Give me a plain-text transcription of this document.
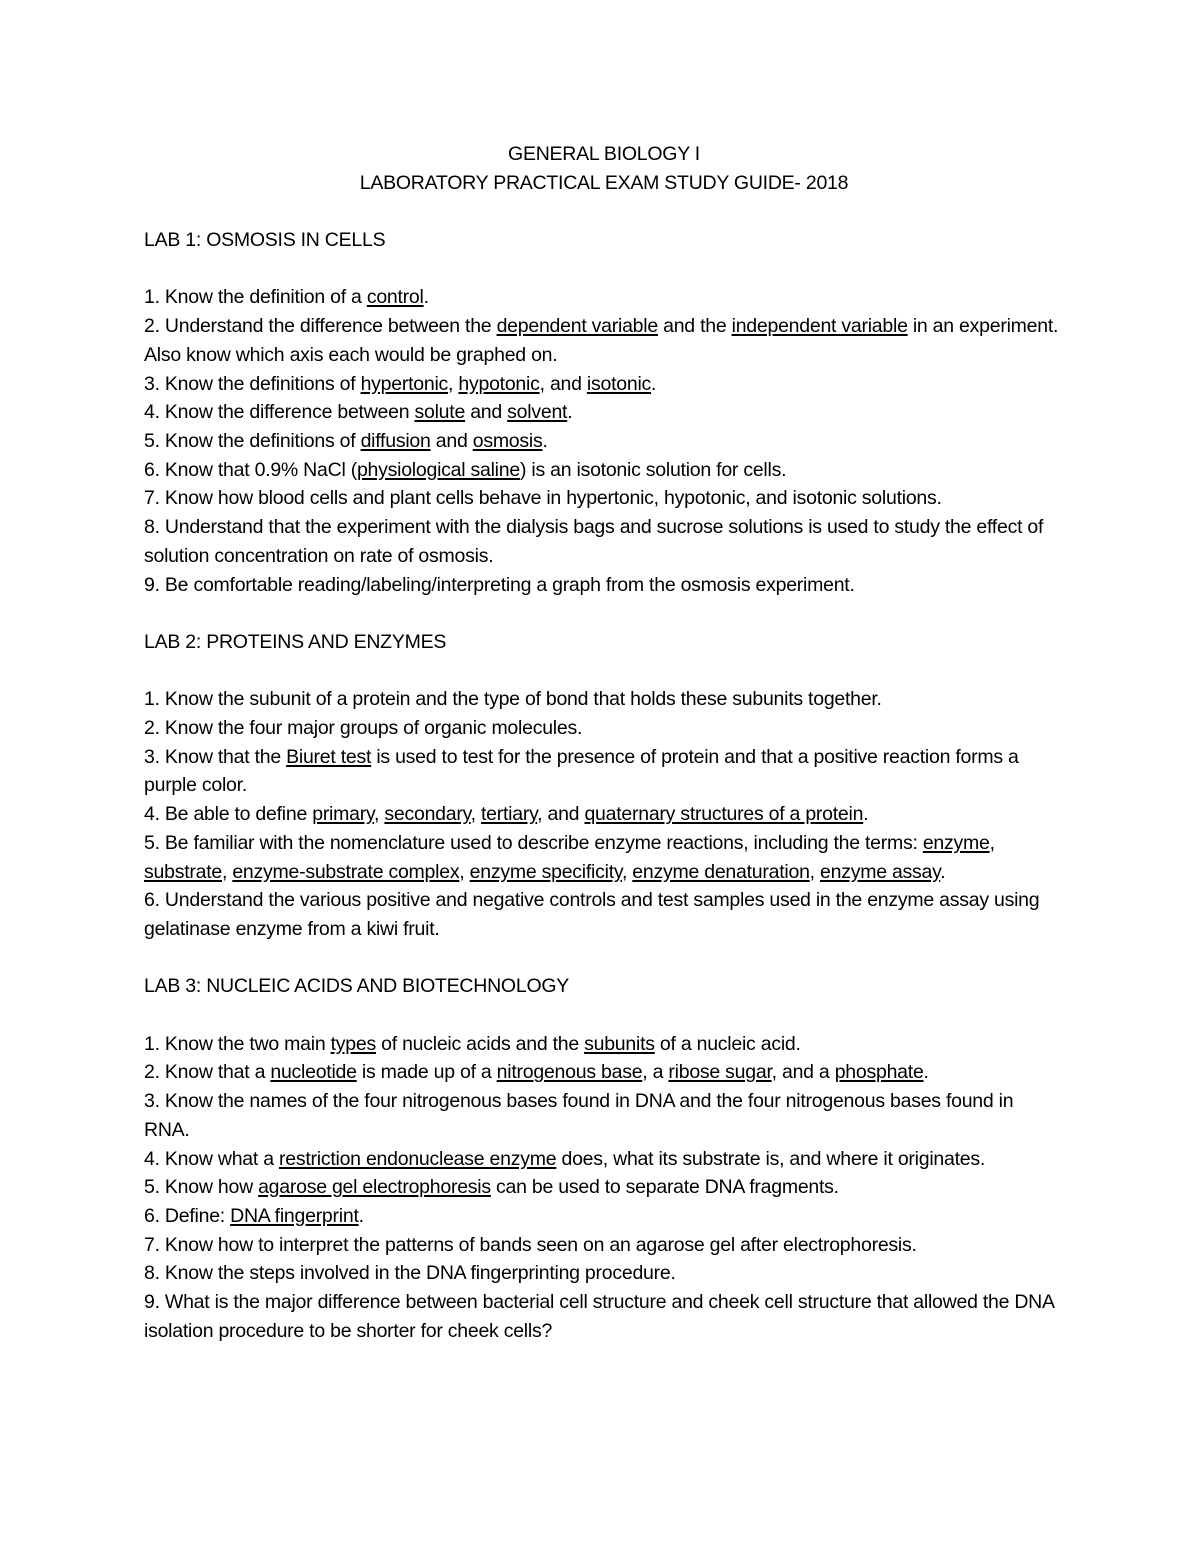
GENERAL BIOLOGY I

LABORATORY PRACTICAL EXAM STUDY GUIDE- 2018

LAB 1: OSMOSIS IN CELLS

1. Know the definition of a control.

2. Understand the difference between the dependent variable and the independent variable in an experiment. Also know which axis each would be graphed on.

3. Know the definitions of hypertonic, hypotonic, and isotonic.

4. Know the difference between solute and solvent.

5. Know the definitions of diffusion and osmosis.

6. Know that 0.9% NaCl (physiological saline) is an isotonic solution for cells.

7. Know how blood cells and plant cells behave in hypertonic, hypotonic, and isotonic solutions.

8. Understand that the experiment with the dialysis bags and sucrose solutions is used to study the effect of solution concentration on rate of osmosis.

9. Be comfortable reading/labeling/interpreting a graph from the osmosis experiment.

LAB 2: PROTEINS AND ENZYMES

1. Know the subunit of a protein and the type of bond that holds these subunits together.

2. Know the four major groups of organic molecules.

3. Know that the Biuret test is used to test for the presence of protein and that a positive reaction forms a purple color.

4. Be able to define primary, secondary, tertiary, and quaternary structures of a protein.

5. Be familiar with the nomenclature used to describe enzyme reactions, including the terms: enzyme, substrate, enzyme-substrate complex, enzyme specificity, enzyme denaturation, enzyme assay.

6. Understand the various positive and negative controls and test samples used in the enzyme assay using gelatinase enzyme from a kiwi fruit.

LAB 3: NUCLEIC ACIDS AND BIOTECHNOLOGY

1. Know the two main types of nucleic acids and the subunits of a nucleic acid.

2. Know that a nucleotide is made up of a nitrogenous base, a ribose sugar, and a phosphate.

3. Know the names of the four nitrogenous bases found in DNA and the four nitrogenous bases found in RNA.

4. Know what a restriction endonuclease enzyme does, what its substrate is, and where it originates.

5. Know how agarose gel electrophoresis can be used to separate DNA fragments.

6. Define: DNA fingerprint.

7. Know how to interpret the patterns of bands seen on an agarose gel after electrophoresis.

8. Know the steps involved in the DNA fingerprinting procedure.

9. What is the major difference between bacterial cell structure and cheek cell structure that allowed the DNA isolation procedure to be shorter for cheek cells?
